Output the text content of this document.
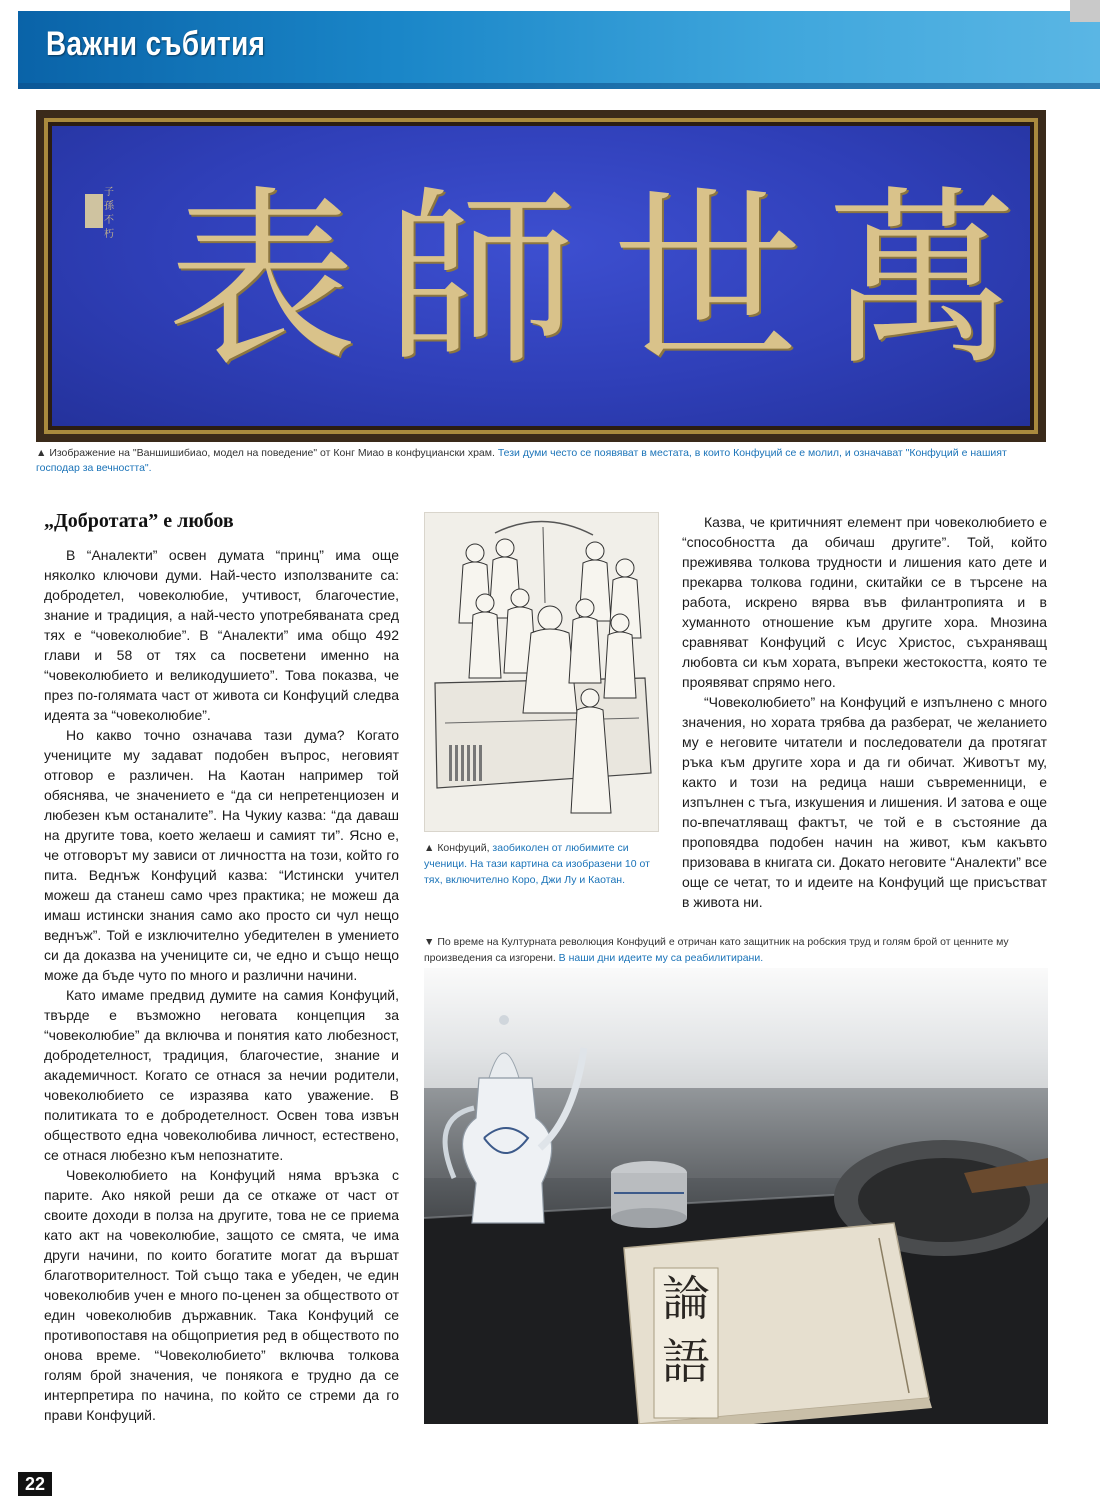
Важни събития
子孫不朽 表 師 世 萬
▲ Изображение на "Ваншишибиао, модел на поведение" от Конг Миао в конфуциански храм. Тези думи често се появяват в местата, в които Конфуций се е молил, и означават "Конфуций е нашият господар за вечността".
„Добротата” е любов

В “Аналекти” освен думата “принц” има още няколко ключови думи. Най-често използваните са: добродетел, човеколюбие, учтивост, благочестие, знание и традиция, а най-често употребяваната сред тях е “човеколюбие”. В “Аналекти” има общо 492 глави и 58 от тях са посветени именно на “човеколюбието и великодушието”. Това показва, че през по-голямата част от живота си Конфуций следва идеята за “човеколюбие”.

Но какво точно означава тази дума? Когато учениците му задават подобен въпрос, неговият отговор е различен. На Каотан например той обяснява, че значението е “да си непретенциозен и любезен към останалите”. На Чукиу казва: “да даваш на другите това, което желаеш и самият ти”. Ясно е, че отговорът му зависи от личността на този, който го пита. Веднъж Конфуций казва: “Истински учител можеш да станеш само чрез практика; не можеш да имаш истински знания само ако просто си чул нещо веднъж”. Той е изключително убедителен в умението си да доказва на учениците си, че едно и също нещо може да бъде чуто по много и различни начини.

Като имаме предвид думите на самия Конфуций, твърде е възможно неговата концепция за “човеколюбие” да включва и понятия като любезност, добродетелност, традиция, благочестие, знание и академичност. Когато се отнася за нечии родители, човеколюбието се изразява като уважение. В политиката то е добродетелност. Освен това извън обществото една човеколюбива личност, естествено, се отнася любезно към непознатите.

Човеколюбието на Конфуций няма връзка с парите. Ако някой реши да се откаже от част от своите доходи в полза на другите, това не се приема като акт на човеколюбие, защото се смята, че има други начини, по които богатите могат да вършат благотворителност. Той също така е убеден, че един човеколюбив учен е много по-ценен за обществото от един човеколюбив държавник. Така Конфуций се противопоставя на общоприетия ред в обществото по онова време. “Човеколюбието” включва толкова голям брой значения, че понякога е трудно да се интерпретира по начина, по който се стреми да го прави Конфуций.

▲ Конфуций, заобиколен от любимите си ученици. На тази картина са изобразени 10 от тях, включително Коро, Джи Лу и Каотан.

Казва, че критичният елемент при човеколюбието е “способността да обичаш другите”. Той, който преживява толкова трудности и лишения като дете и прекарва толкова години, скитайки се в търсене на работа, искрено вярва във филантропията и в хуманното отношение към другите хора. Мнозина сравняват Конфуций с Исус Христос, съхраняващ любовта си към хората, въпреки жестокостта, която те проявяват спрямо него.

“Човеколюбието” на Конфуций е изпълнено с много значения, но хората трябва да разберат, че желанието му е неговите читатели и последователи да протягат ръка към другите хора и да ги обичат. Животът му, както и този на редица наши съвременници, е изпълнен с тъга, изкушения и лишения. И затова е още по-впечатляващ фактът, че той е в състояние да проповядва подобен начин на живот, към какъвто призовава в книгата си. Докато неговите “Аналекти” все още се четат, то и идеите на Конфуций ще присъстват в живота ни.

▼ По време на Културната революция Конфуций е отричан като защитник на робския труд и голям брой от ценните му произведения са изгорени. В наши дни идеите му са реабилитирани.
論
語
22
